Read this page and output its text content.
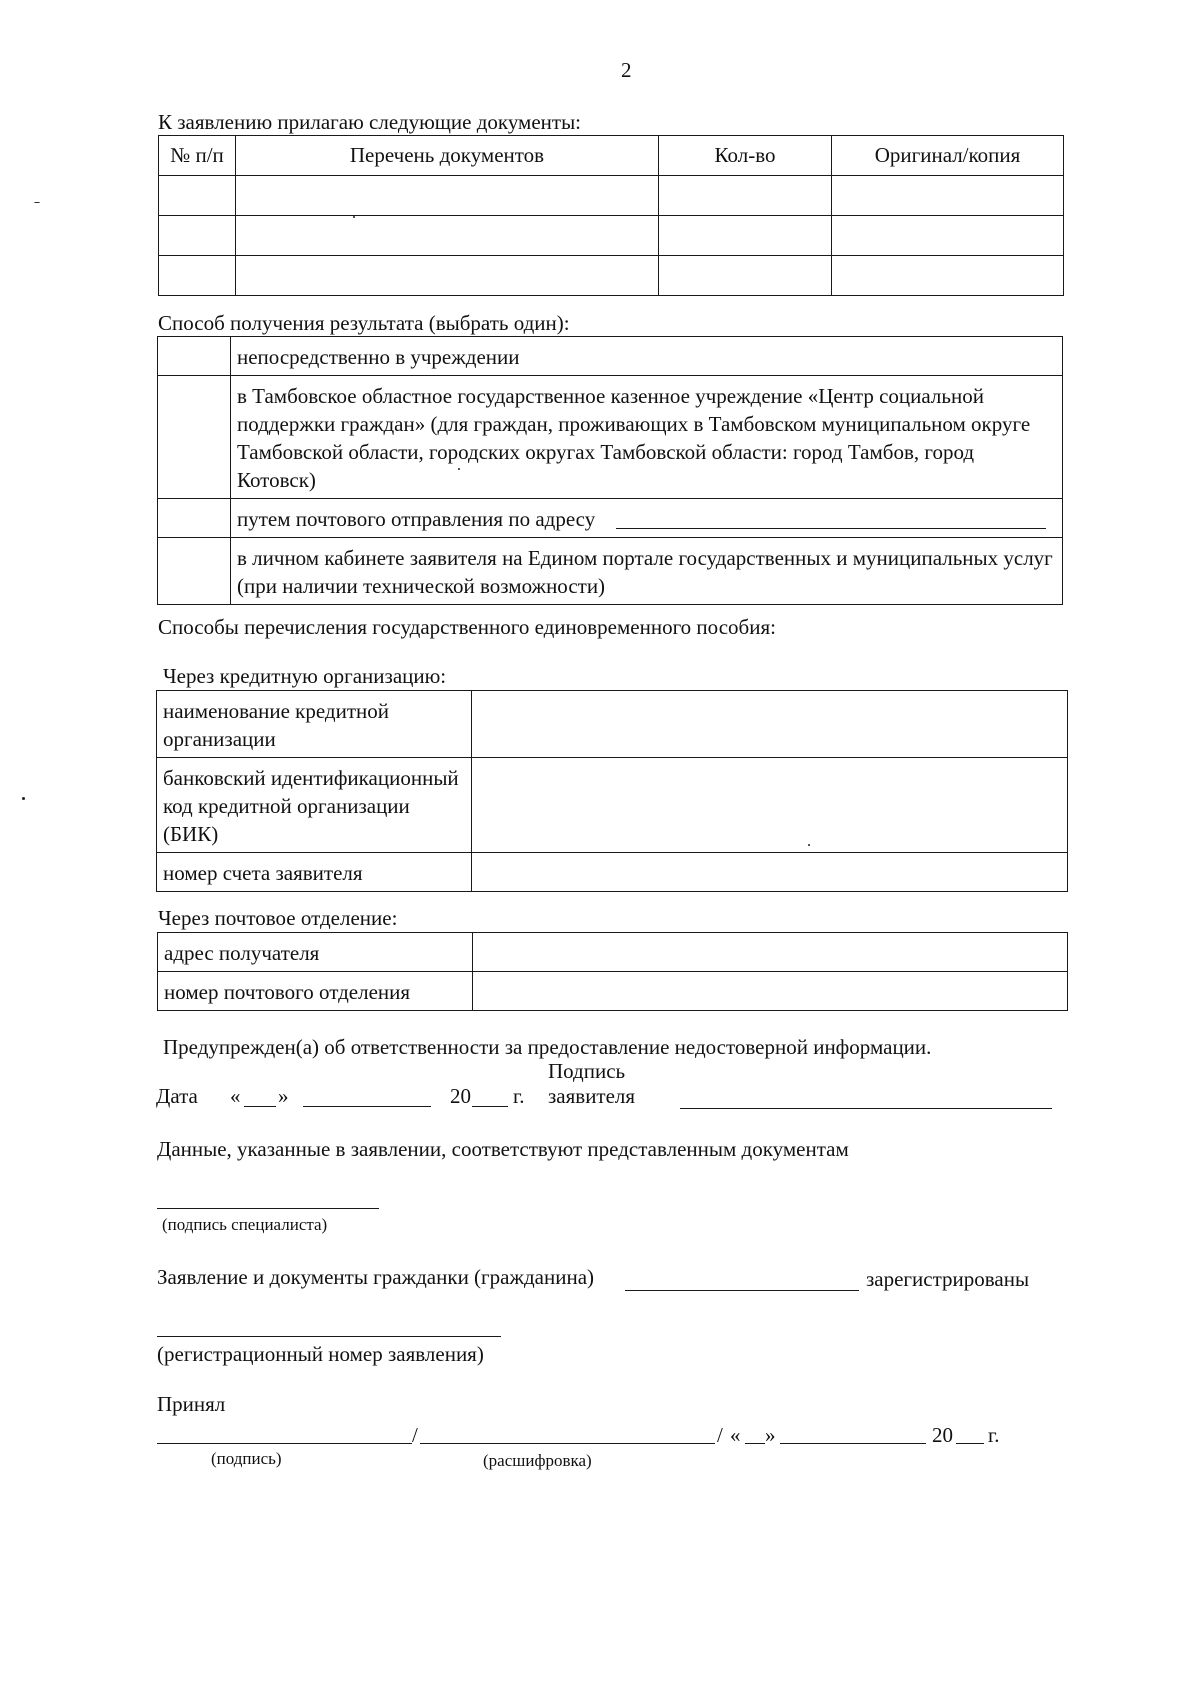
2
К заявлению прилагаю следующие документы:
№ п/п	Перечень документов	Кол-во	Оригинал/копия

Способ получения результата (выбрать один):
	непосредственно в учреждении
	в Тамбовское областное государственное казенное учреждение «Центр социальной поддержки граждан» (для граждан, проживающих в Тамбовском муниципальном округе Тамбовской области, городских округах Тамбовской области: город Тамбов, город Котовск)
	путем почтового отправления по адресу

	в личном кабинете заявителя на Едином портале государственных и муниципальных услуг (при наличии технической возможности)
Способы перечисления государственного единовременного пособия:
Через кредитную организацию:
наименование кредитной организации	
банковский идентификационный код кредитной организации (БИК)	
номер счета заявителя	
Через почтовое отделение:
адрес получателя	
номер почтового отделения	
Предупрежден(а) об ответственности за предоставление недостоверной информации.
Подпись
Дата « »	20 г. заявителя
Данные, указанные в заявлении, соответствуют представленным документам
(подпись специалиста)
Заявление и документы гражданки (гражданина)	зарегистрированы
(регистрационный номер заявления)
Принял
/	/ « »	20 г.
(подпись)	(расшифровка)
